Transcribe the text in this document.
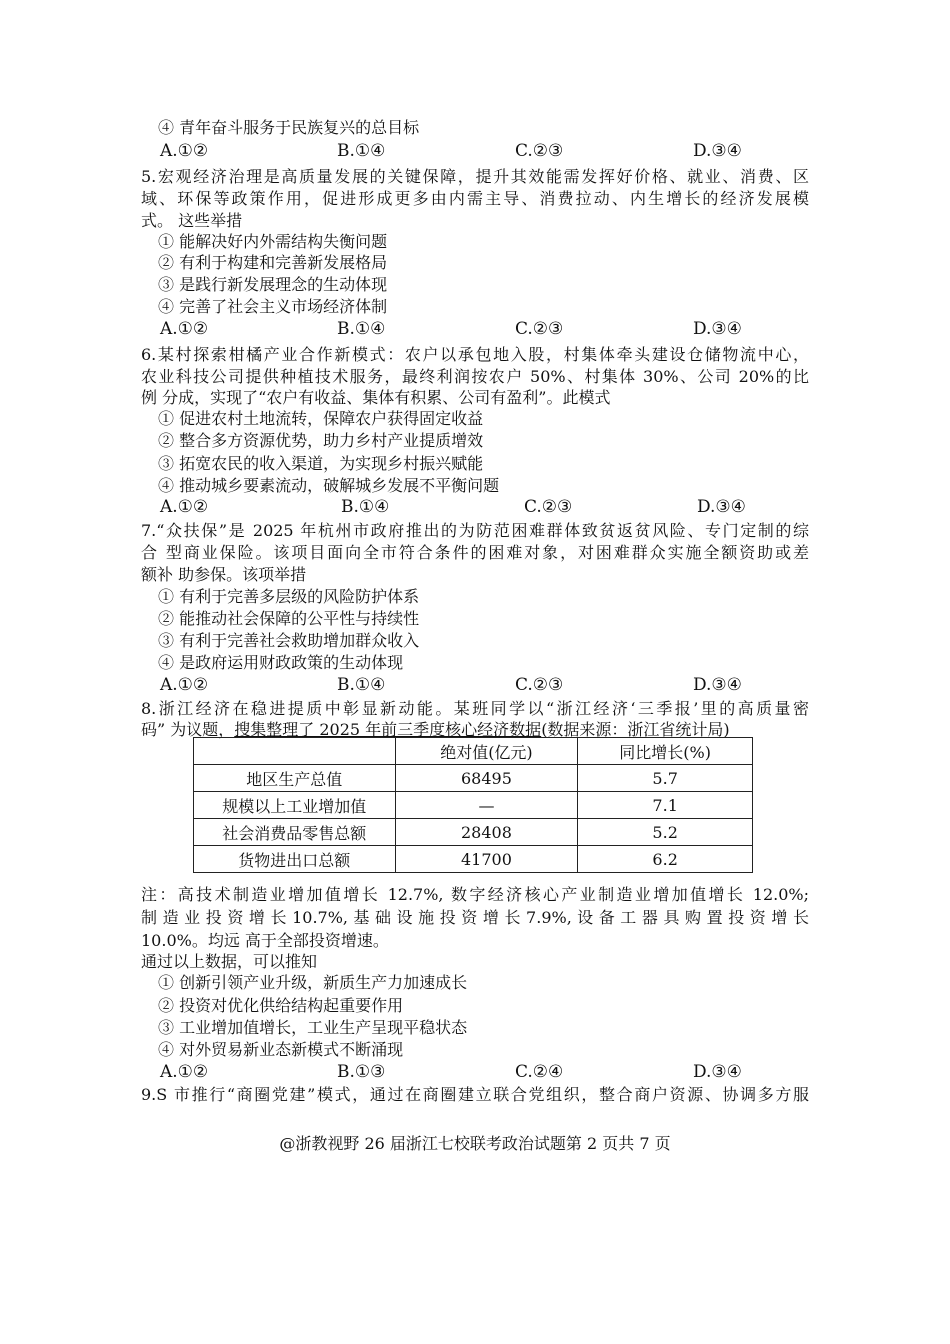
④ 青年奋斗服务于民族复兴的总目标
A.①②	B.①④	C.②③	D.③④
5.宏观经济治理是高质量发展的关键保障，提升其效能需发挥好价格、就业、消费、区
域、环保等政策作用，促进形成更多由内需主导、消费拉动、内生增长的经济发展模
式。 这些举措
① 能解决好内外需结构失衡问题
② 有利于构建和完善新发展格局
③ 是践行新发展理念的生动体现
④ 完善了社会主义市场经济体制
A.①②	B.①④	C.②③	D.③④
6.某村探索柑橘产业合作新模式：农户以承包地入股，村集体牵头建设仓储物流中心，
农业科技公司提供种植技术服务，最终利润按农户 50%、村集体 30%、公司 20%的比
例 分成，实现了“农户有收益、集体有积累、公司有盈利”。此模式
① 促进农村土地流转，保障农户获得固定收益
② 整合多方资源优势，助力乡村产业提质增效
③ 拓宽农民的收入渠道，为实现乡村振兴赋能
④ 推动城乡要素流动，破解城乡发展不平衡问题
A.①②	B.①④	C.②③	D.③④
7.“众扶保”是 2025 年杭州市政府推出的为防范困难群体致贫返贫风险、专门定制的综
合 型商业保险。该项目面向全市符合条件的困难对象，对困难群众实施全额资助或差
额补 助参保。该项举措
① 有利于完善多层级的风险防护体系
② 能推动社会保障的公平性与持续性
③ 有利于完善社会救助增加群众收入
④ 是政府运用财政政策的生动体现
A.①②	B.①④	C.②③	D.③④
8.浙江经济在稳进提质中彰显新动能。某班同学以“浙江经济‘三季报’里的高质量密
码” 为议题，搜集整理了 2025 年前三季度核心经济数据(数据来源：浙江省统计局)
	绝对值(亿元)	同比增长(%)
地区生产总值	68495	5.7
规模以上工业增加值	—	7.1
社会消费品零售总额	28408	5.2
货物进出口总额	41700	6.2
注：高技术制造业增加值增长 12.7%, 数字经济核心产业制造业增加值增长 12.0%;
制 造 业 投 资 增 长 10.7%, 基 础 设 施 投 资 增 长 7.9%, 设 备 工 器 具 购 置 投 资 增 长
10.0%。均远 高于全部投资增速。
通过以上数据，可以推知
① 创新引领产业升级，新质生产力加速成长
② 投资对优化供给结构起重要作用
③ 工业增加值增长，工业生产呈现平稳状态
④ 对外贸易新业态新模式不断涌现
A.①②	B.①③	C.②④	D.③④
9.S 市推行“商圈党建”模式，通过在商圈建立联合党组织，整合商户资源、协调多方服
@浙教视野 26 届浙江七校联考政治试题第 2 页共 7 页
